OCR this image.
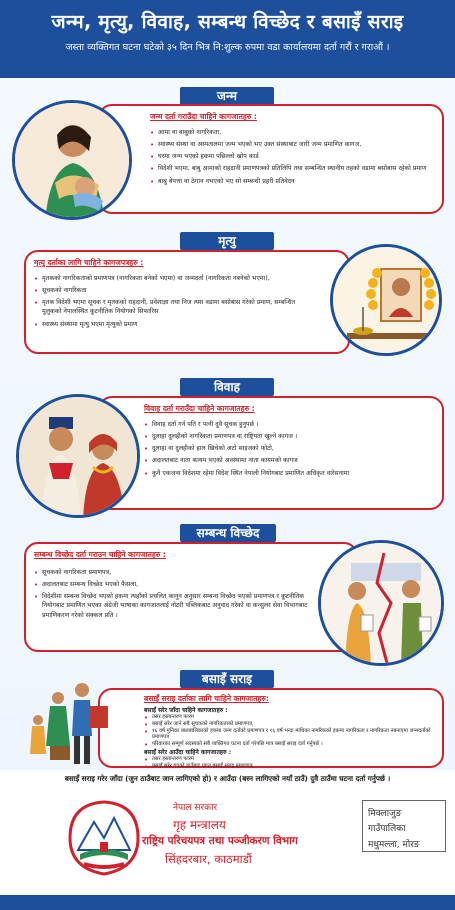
जन्म, मृत्यु, विवाह, सम्बन्ध विच्छेद र बसाइँ सराइ
जस्ता व्यक्तिगत घटना घटेको ३५ दिन भित्र नि:शुल्क रुपमा वडा कार्यालयमा दर्ता गरौं र गराऔं ।
जन्म
जन्म दर्ता गराउँदा चाहिने कागजातहरु :
• आमा वा बाबुको नागरिकता,
• स्वास्थ्य संस्था वा अस्पतालमा जन्म भएको भए उक्त संस्थाबाट जारी जन्म प्रमाणित कागज,
• घरमा जन्म भएको हकमा पछिल्लो खोप कार्ड
• विदेशी भएमा, बाबु आमाको राहदानी प्रमाणपत्रको प्रतिलिपि तथा सम्बन्धित स्थानीय तहको वडामा बसोबास रहेको प्रमाण
• बाबु बेपत्ता वा ठेगान नभएको भए सो सम्बन्धी प्रहरी प्रतिवेदन
मृत्यु
मृत्यु दर्ताका लागि चाहिने कागजपत्रहरु :
• मृतकको नागरिकताको प्रमाणपत्र (नागरिकता बनेको भएमा) वा जन्मदर्ता (नागरिकता नबनेको भएमा),
• सूचकको नागरिकता
• मृतक विदेशी भएमा सूचक र मृतकको राहदानी, प्रवेशाज्ञा तथा निज त्यस वडामा बसोबास गरेको प्रमाण, सम्बन्धित मुलुकको नेपालस्थित कूटनीतिक नियोगको सिफारिस
• स्वास्थ्य संस्थामा मृत्यु भएमा मृत्युको प्रमाण
विवाह
विवाह दर्ता गराउँदा चाहिने कागजातहरु :
• विवाह दर्ता गर्न पति र पत्नी दुवै सूचक हुनुपर्छ ।
• दुलाहा दुलहीको नागरिकता प्रमाणपत्र वा राष्ट्रियता खुल्ने कागज ।
• दुलाहा वा दुलहीको हाल खिचेको अटो साइजको फोटो,
• अदालतबाट नाता कायम भएको अवस्थामा नाता कायमको कागज
• कुनै एकजना विदेशमा रहेमा विदेश स्थित नेपाली नियोगबाट प्रमाणित अधिकृत वारेसनामा
सम्बन्ध विच्छेद
सम्बन्ध विच्छेद दर्ता गराउन चाहिने कागजातहरु :
• सूचकको नागरिकता प्रमाणपत्र,
• अदालतबाट सम्बन्ध विच्छेद भएको फैसला,
• विदेशीमा सम्बन्ध विच्छेद भएको हकमा त्यहाँको प्रचलित कानुन अनुसार सम्बन्ध विच्छेद भएको प्रमाणपत्र र कूटनीतिक नियोगबाट प्रमाणित भएका अंग्रेजी भाषाका कागजातलाई नोटरी पब्लिकबाट अनुवाद गरेको वा कन्सुलर सेवा विभागबाट प्रमाणिकरण गरेको सक्कल प्रति ।
बसाइँ सराइ
बसाइँ सराइ दर्ताका लागि चाहिने कागजातहरु:
बसाइँ सरेर जाँदा चाहिने कागजातहरु :
• तसर हस्तान्तरण फारम
• बसाइँ सरेर जाने सबै सूचकको नागरिकताको प्रमाणपत्र,
• १६ वर्ष मुनिका बालबालिकाको हकमा जन्म दर्ताको प्रमाणपत्र र १६ वर्ष भन्दा माथिका नागरिकको हकमा नागरिकता र नागरिकता नबनाएमा जन्मदर्ताको प्रमाणपत्र
• परिवारका सम्पूर्ण सदस्यको सबै व्यक्तिगत घटना दर्ता गरेपछि मात्र बसाइँ सराइ दर्ता गर्नुपर्छ ।
बसाइँ सरेर आउँदा चाहिने कागजातहरु :
• तसर हस्तान्तरण फारम
• बसाइँ सरेर गएको ठाउँबाट प्राप्त बसाइँ सराइ प्रमाणपत्र
बसाइँ सराइ गरेर जाँदा (जुन ठाउँबाट जान लागिएको हो) र आउँदा (बस्न लागिएको नयाँ ठाउँ) दुवै ठाउँमा घटना दर्ता गर्नुपर्छ ।
नेपाल सरकार
गृह मन्त्रालय
राष्ट्रिय परिचयपत्र तथा पञ्जीकरण विभाग
सिंहदरबार, काठमाडौं
मिक्लाजुङ गाउँपालिका
मधुमल्ला, मोरङ
